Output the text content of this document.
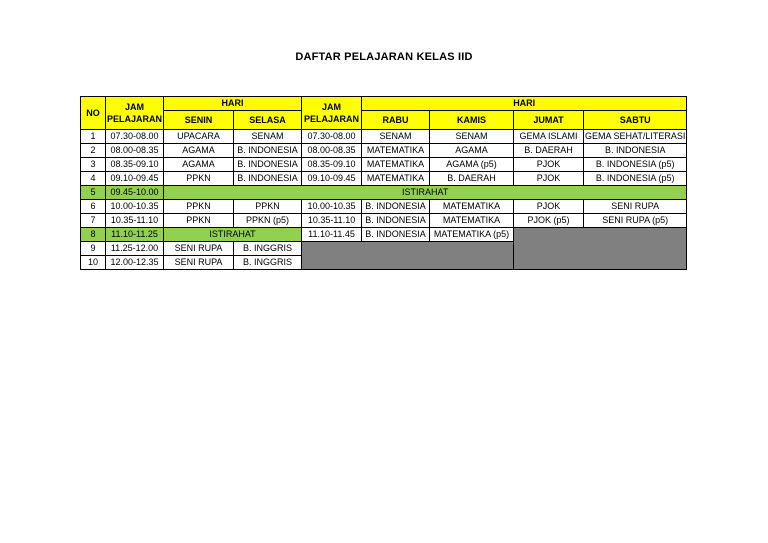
DAFTAR PELAJARAN KELAS IID
NO	JAM
PELAJARAN	HARI		JAM
PELAJARAN	HARI			
		SENIN	SELASA		RABU	KAMIS	JUMAT	SABTU
1	07.30-08.00	UPACARA	SENAM	07.30-08.00	SENAM	SENAM	GEMA ISLAMI	GEMA SEHAT/LITERASI
2	08.00-08.35	AGAMA	B. INDONESIA	08.00-08.35	MATEMATIKA	AGAMA	B. DAERAH	B. INDONESIA
3	08.35-09.10	AGAMA	B. INDONESIA	08.35-09.10	MATEMATIKA	AGAMA (p5)	PJOK	B. INDONESIA (p5)
4	09.10-09.45	PPKN	B. INDONESIA	09.10-09.45	MATEMATIKA	B. DAERAH	PJOK	B. INDONESIA (p5)
5	09.45-10.00	ISTIRAHAT						
6	10.00-10.35	PPKN	PPKN	10.00-10.35	B. INDONESIA	MATEMATIKA	PJOK	SENI RUPA
7	10.35-11.10	PPKN	PPKN (p5)	10.35-11.10	B. INDONESIA	MATEMATIKA	PJOK (p5)	SENI RUPA (p5)
8	11.10-11.25	ISTIRAHAT		11.10-11.45	B. INDONESIA	MATEMATIKA (p5)		
9	11.25-12.00	SENI RUPA	B. INGGRIS					
10	12.00-12.35	SENI RUPA	B. INGGRIS					
